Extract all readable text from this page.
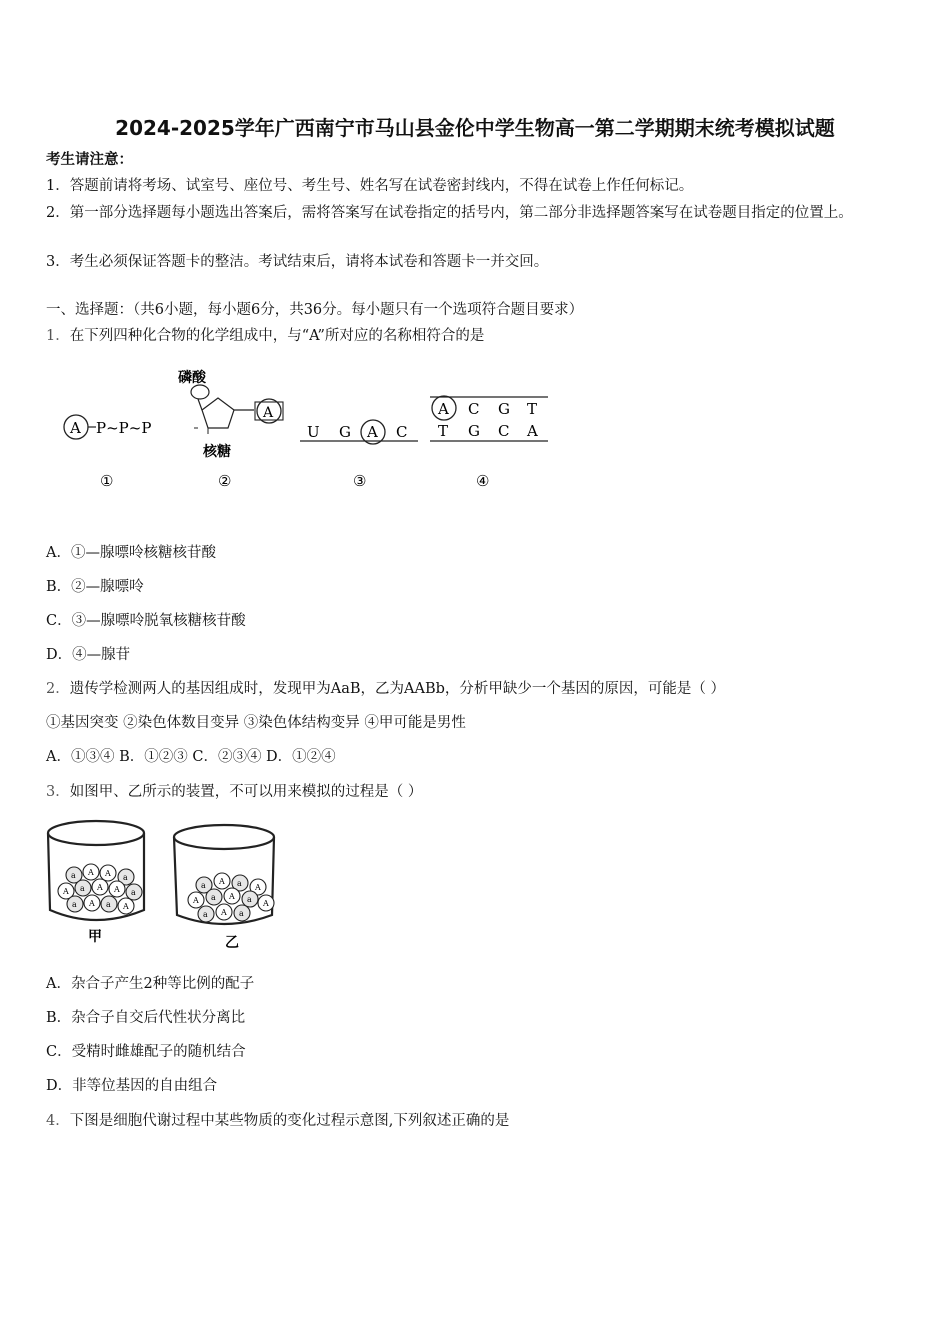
2024-2025学年广西南宁市马山县金伦中学生物高一第二学期期末统考模拟试题
考生请注意：
1．答题前请将考场、试室号、座位号、考生号、姓名写在试卷密封线内，不得在试卷上作任何标记。
2．第一部分选择题每小题选出答案后，需将答案写在试卷指定的括号内，第二部分非选择题答案写在试卷题目指定的位置上。
3．考生必须保证答题卡的整洁。考试结束后，请将本试卷和答题卡一并交回。
一、选择题：（共6小题，每小题6分，共36分。每小题只有一个选项符合题目要求）
1．在下列四种化合物的化学组成中，与“A”所对应的名称相符合的是
A P~P~P
磷酸
A
核糖
U G A C
A C G T
T G C A
①	②	③	④
A．①—腺嘌呤核糖核苷酸
B．②—腺嘌呤
C．③—腺嘌呤脱氧核糖核苷酸
D．④—腺苷
2．遗传学检测两人的基因组成时，发现甲为AaB，乙为AABb，分析甲缺少一个基因的原因，可能是（ ）
①基因突变 ②染色体数目变异 ③染色体结构变异 ④甲可能是男性
A．①③④ B．①②③ C．②③④ D．①②④
3．如图甲、乙所示的装置，不可以用来模拟的过程是（ ）
a A A a
A a A A a
a A a A
甲
a A a A
A a A a A
a A a
乙
A．杂合子产生2种等比例的配子
B．杂合子自交后代性状分离比
C．受精时雌雄配子的随机结合
D．非等位基因的自由组合
4．下图是细胞代谢过程中某些物质的变化过程示意图,下列叙述正确的是
